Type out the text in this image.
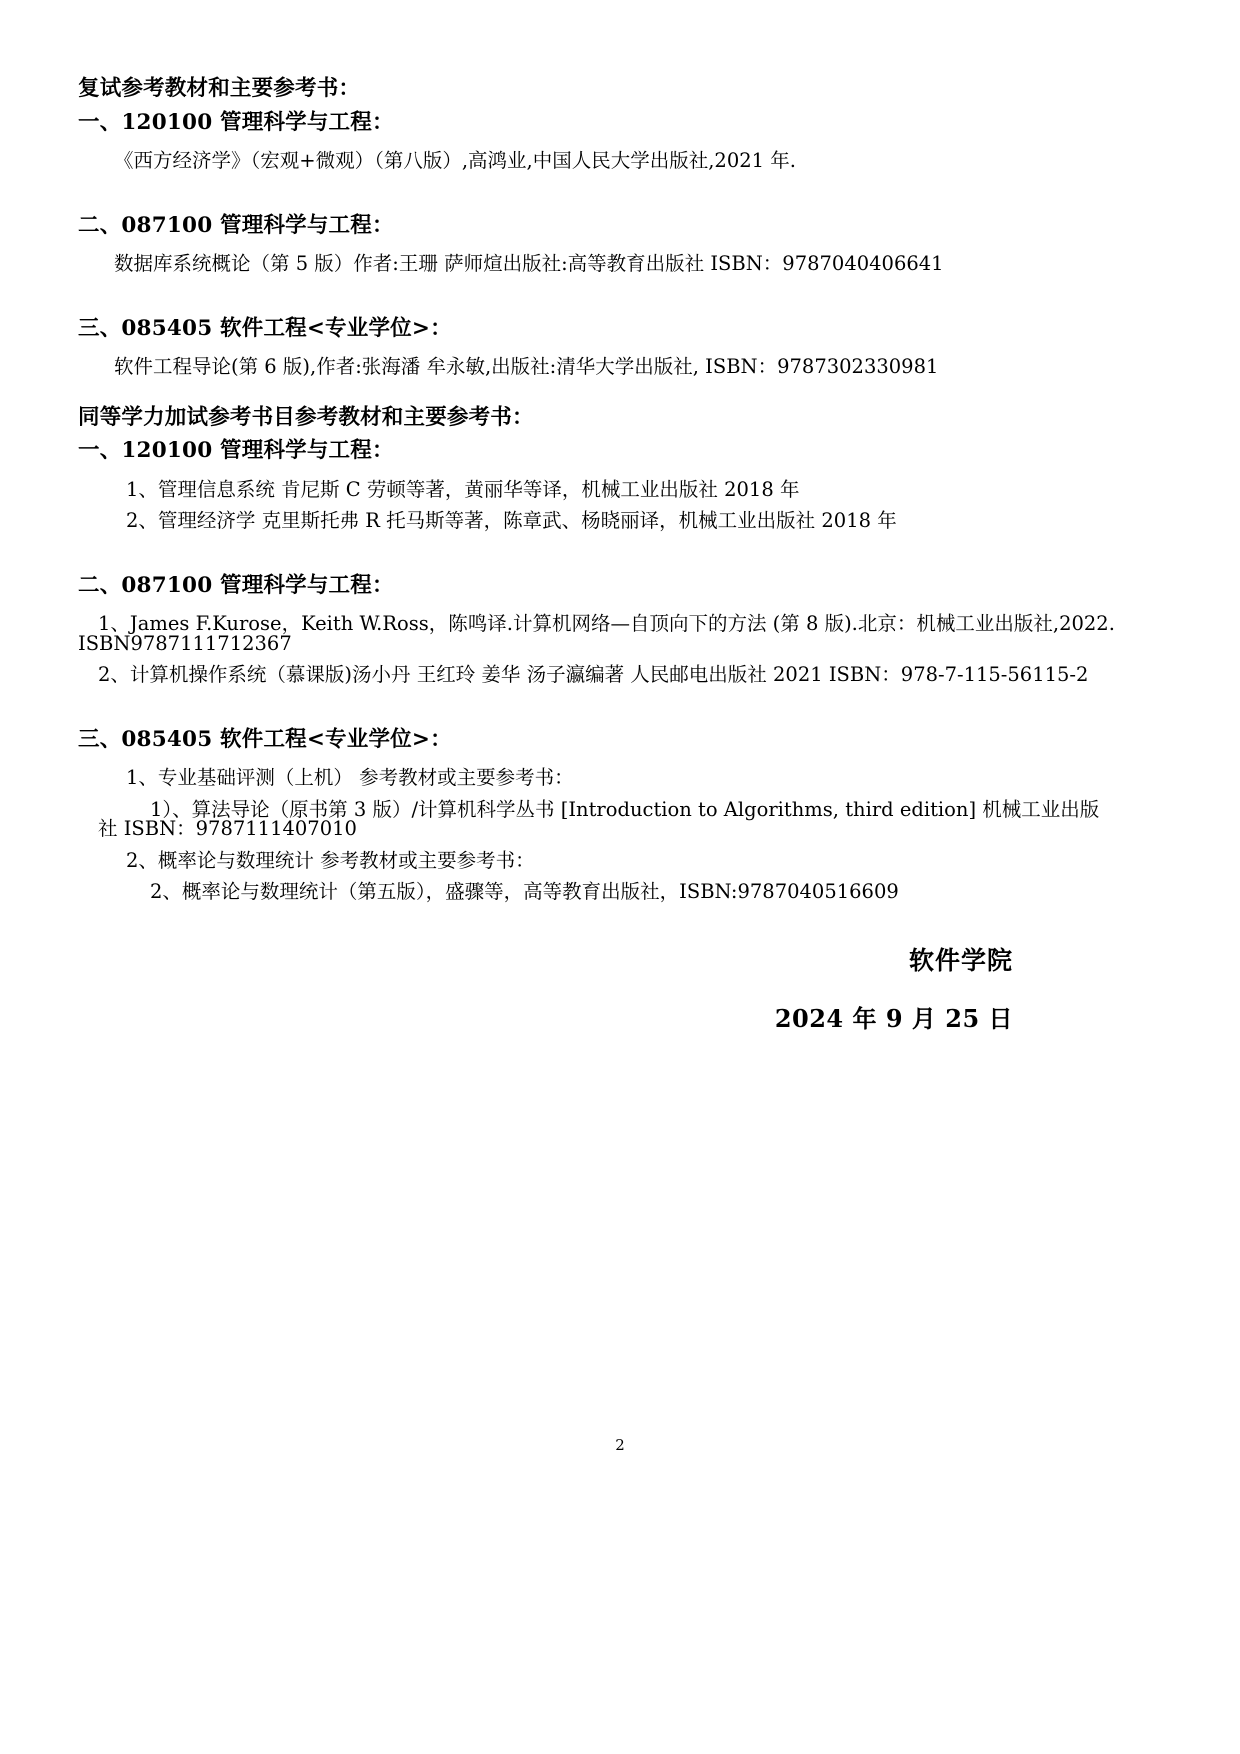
复试参考教材和主要参考书：
一、120100 管理科学与工程：
《西方经济学》（宏观+微观）（第八版）,高鸿业,中国人民大学出版社,2021 年.
二、087100 管理科学与工程：
数据库系统概论（第 5 版）作者:王珊 萨师煊出版社:高等教育出版社 ISBN：9787040406641
三、085405 软件工程<专业学位>：
软件工程导论(第 6 版),作者:张海潘 牟永敏,出版社:清华大学出版社, ISBN：9787302330981
同等学力加试参考书目参考教材和主要参考书：
一、120100 管理科学与工程：
1、管理信息系统 肯尼斯 C 劳顿等著，黄丽华等译，机械工业出版社 2018 年
2、管理经济学 克里斯托弗 R 托马斯等著，陈章武、杨晓丽译，机械工业出版社 2018 年
二、087100 管理科学与工程：
1、James F.Kurose，Keith W.Ross，陈鸣译.计算机网络—自顶向下的方法 (第 8 版).北京：机械工业出版社,2022.
ISBN9787111712367
2、计算机操作系统（慕课版)汤小丹 王红玲 姜华 汤子瀛编著 人民邮电出版社 2021 ISBN：978-7-115-56115-2
三、085405 软件工程<专业学位>：
1、专业基础评测（上机） 参考教材或主要参考书：
1）、算法导论（原书第 3 版）/计算机科学丛书 [Introduction to Algorithms, third edition] 机械工业出版
社 ISBN：9787111407010
2、概率论与数理统计 参考教材或主要参考书：
2、概率论与数理统计（第五版），盛骤等，高等教育出版社，ISBN:9787040516609
软件学院
2024 年 9 月 25 日
2
